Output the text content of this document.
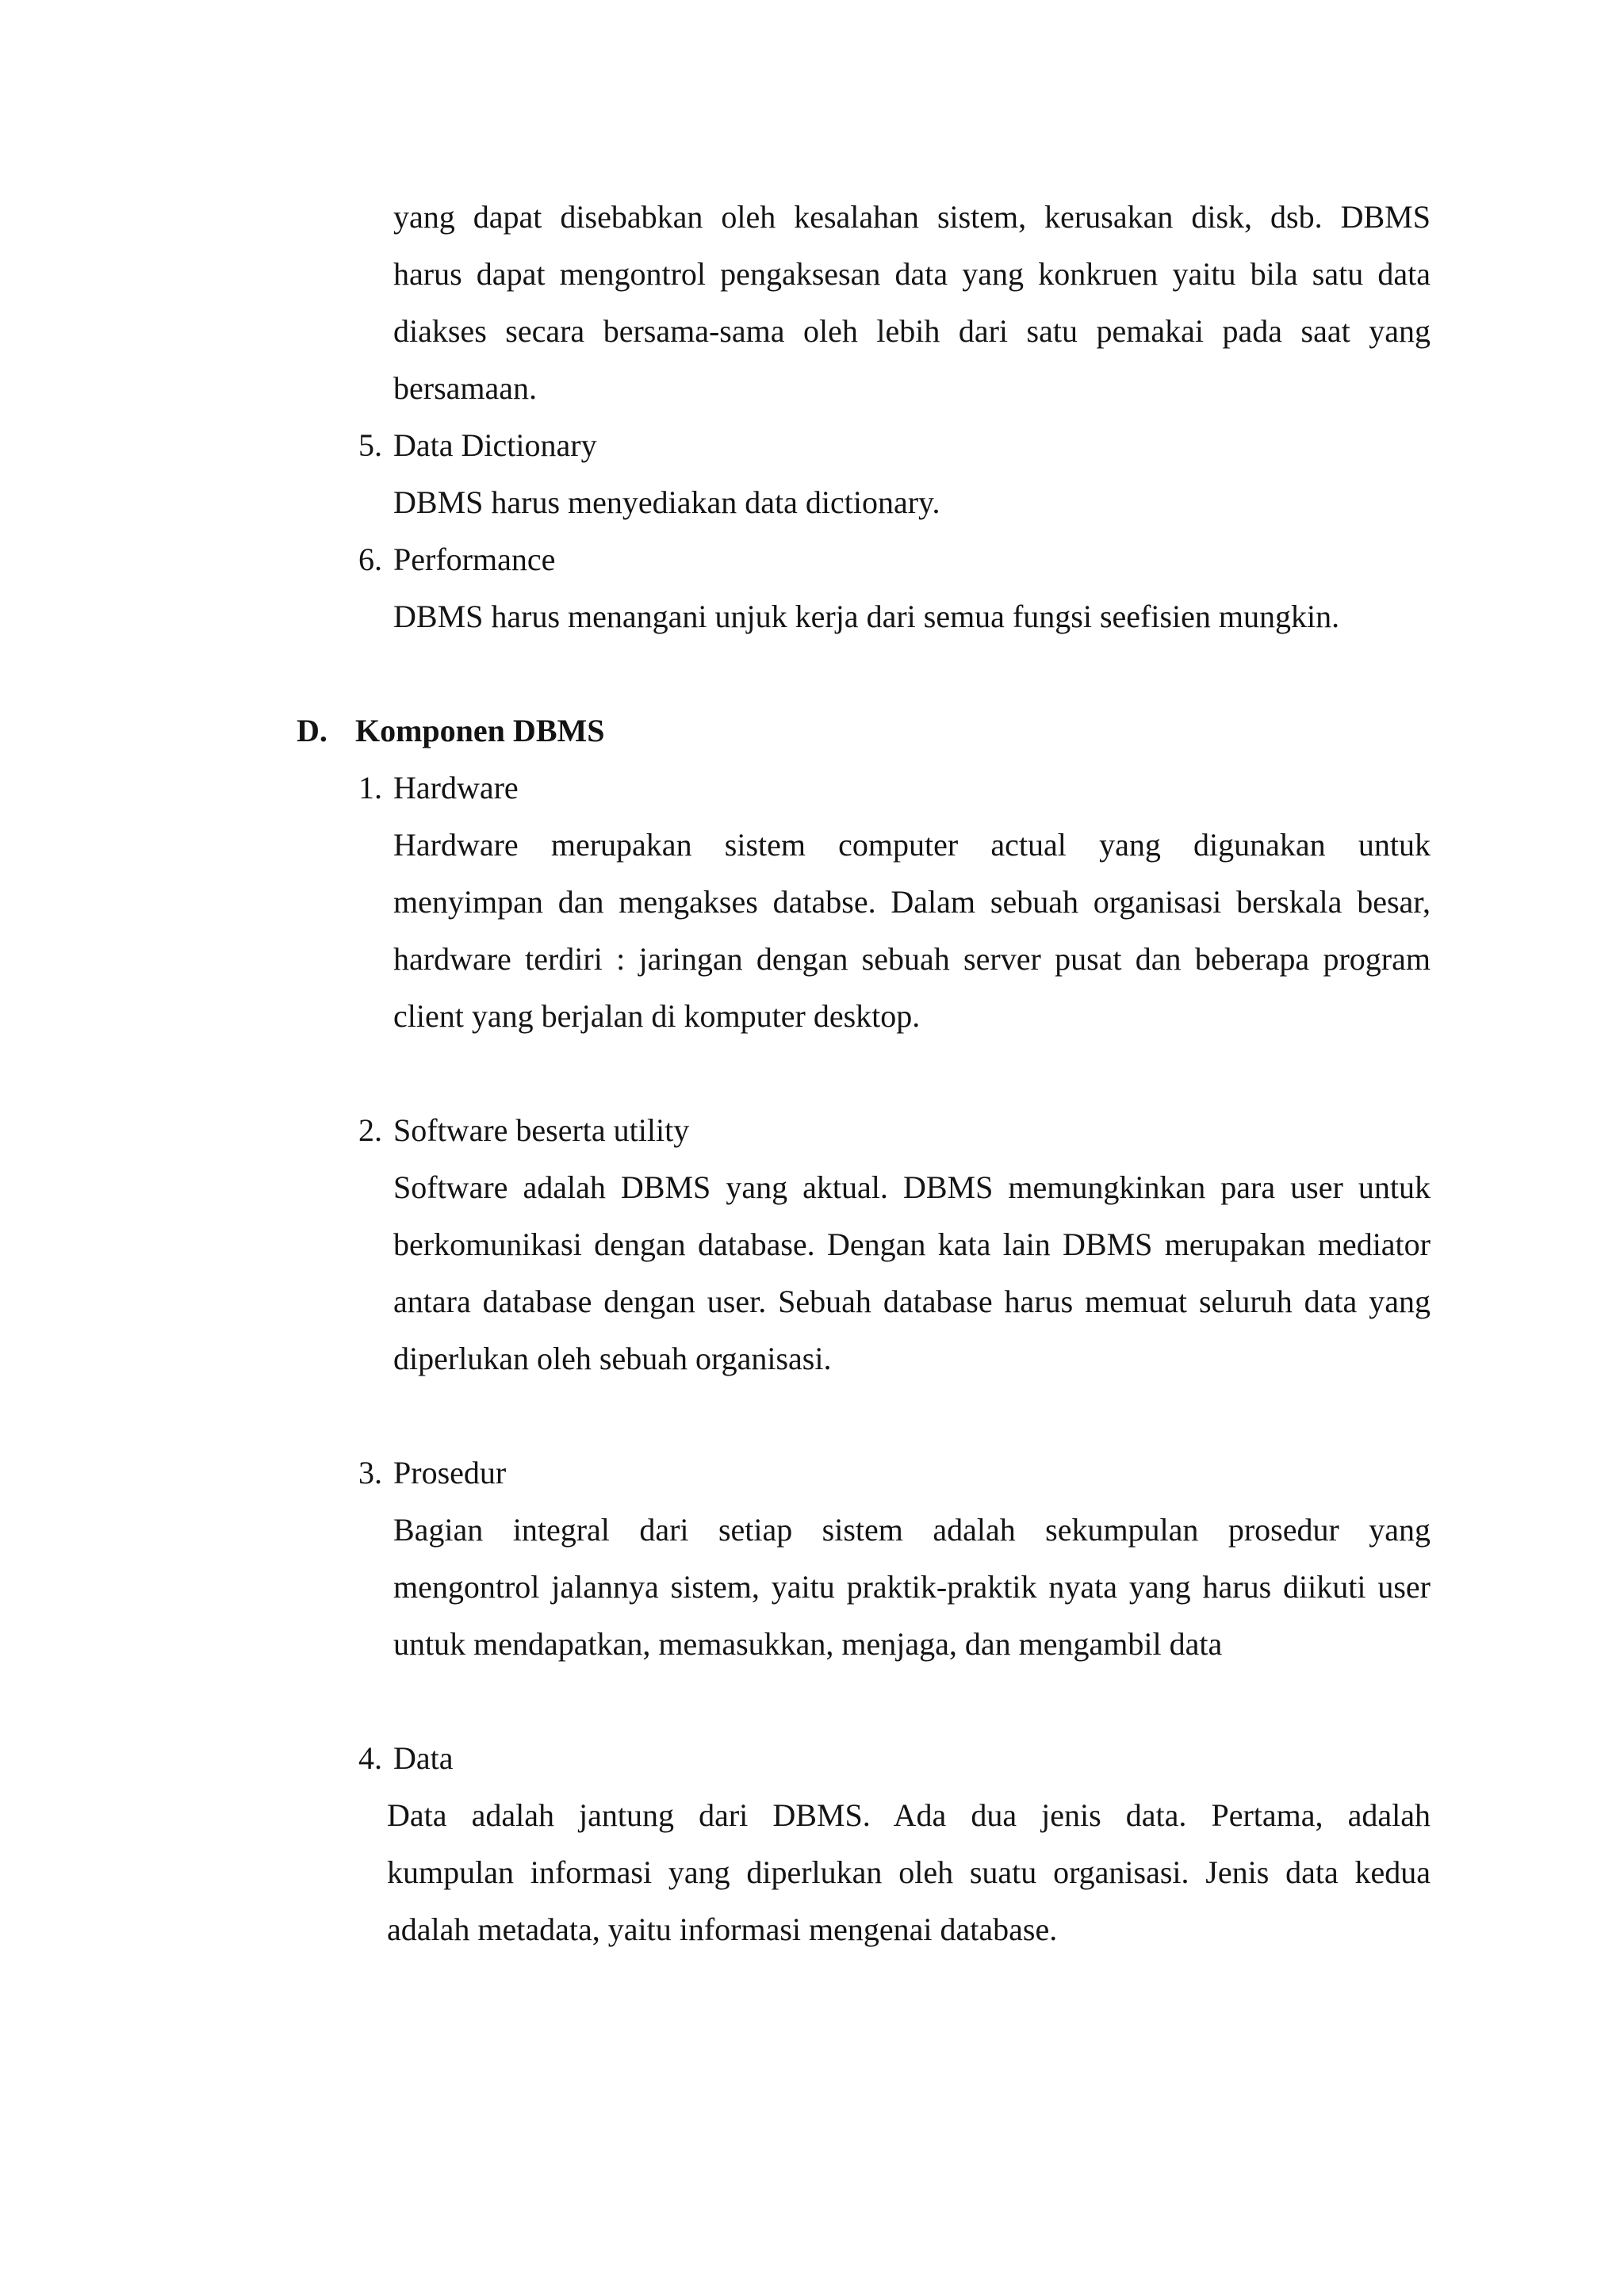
yang dapat disebabkan oleh kesalahan sistem, kerusakan disk, dsb. DBMS
harus dapat mengontrol pengaksesan data yang konkruen yaitu bila satu data
diakses secara bersama-sama oleh lebih dari satu pemakai pada saat yang
bersamaan.
5. Data Dictionary
DBMS harus menyediakan data dictionary.
6. Performance
DBMS harus menangani unjuk kerja dari semua fungsi seefisien mungkin.
D. Komponen DBMS
1. Hardware
Hardware merupakan sistem computer actual yang digunakan untuk
menyimpan dan mengakses databse. Dalam sebuah organisasi berskala besar,
hardware terdiri : jaringan dengan sebuah server pusat dan beberapa program
client yang berjalan di komputer desktop.
2. Software beserta utility
Software adalah DBMS yang aktual. DBMS memungkinkan para user untuk
berkomunikasi dengan database. Dengan kata lain DBMS merupakan mediator
antara database dengan user. Sebuah database harus memuat seluruh data yang
diperlukan oleh sebuah organisasi.
3. Prosedur
Bagian integral dari setiap sistem adalah sekumpulan prosedur yang
mengontrol jalannya sistem, yaitu praktik-praktik nyata yang harus diikuti user
untuk mendapatkan, memasukkan, menjaga, dan mengambil data
4. Data
Data adalah jantung dari DBMS. Ada dua jenis data. Pertama, adalah
kumpulan informasi yang diperlukan oleh suatu organisasi. Jenis data kedua
adalah metadata, yaitu informasi mengenai database.
